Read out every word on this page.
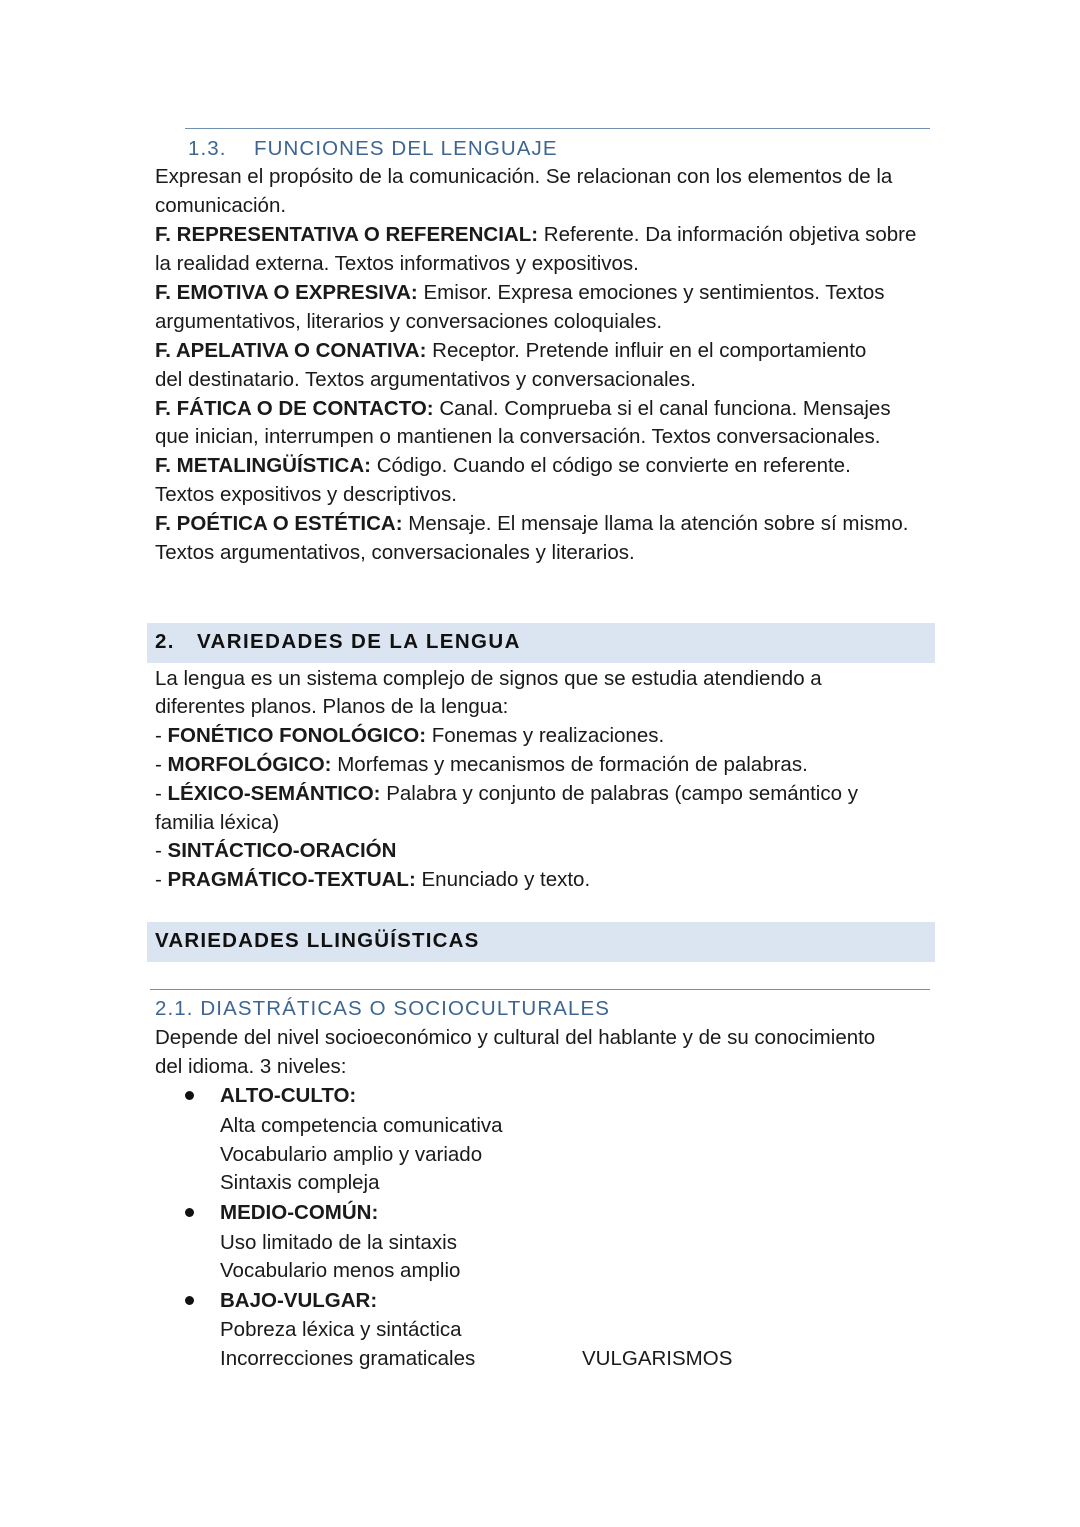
1.3. FUNCIONES DEL LENGUAJE
Expresan el propósito de la comunicación. Se relacionan con los elementos de la
comunicación.
F. REPRESENTATIVA O REFERENCIAL: Referente. Da información objetiva sobre
la realidad externa. Textos informativos y expositivos.
F. EMOTIVA O EXPRESIVA: Emisor. Expresa emociones y sentimientos. Textos
argumentativos, literarios y conversaciones coloquiales.
F. APELATIVA O CONATIVA: Receptor. Pretende influir en el comportamiento
del destinatario. Textos argumentativos y conversacionales.
F. FÁTICA O DE CONTACTO: Canal. Comprueba si el canal funciona. Mensajes
que inician, interrumpen o mantienen la conversación. Textos conversacionales.
F. METALINGÜÍSTICA: Código. Cuando el código se convierte en referente.
Textos expositivos y descriptivos.
F. POÉTICA O ESTÉTICA: Mensaje. El mensaje llama la atención sobre sí mismo.
Textos argumentativos, conversacionales y literarios.
2. VARIEDADES DE LA LENGUA
La lengua es un sistema complejo de signos que se estudia atendiendo a
diferentes planos. Planos de la lengua:
- FONÉTICO FONOLÓGICO: Fonemas y realizaciones.
- MORFOLÓGICO: Morfemas y mecanismos de formación de palabras.
- LÉXICO-SEMÁNTICO: Palabra y conjunto de palabras (campo semántico y
familia léxica)
- SINTÁCTICO-ORACIÓN
- PRAGMÁTICO-TEXTUAL: Enunciado y texto.
VARIEDADES LLINGÜÍSTICAS
2.1. DIASTRÁTICAS O SOCIOCULTURALES
Depende del nivel socioeconómico y cultural del hablante y de su conocimiento
del idioma. 3 niveles:
ALTO-CULTO:
Alta competencia comunicativa
Vocabulario amplio y variado
Sintaxis compleja
MEDIO-COMÚN:
Uso limitado de la sintaxis
Vocabulario menos amplio
BAJO-VULGAR:
Pobreza léxica y sintáctica
Incorrecciones gramaticales	VULGARISMOS
